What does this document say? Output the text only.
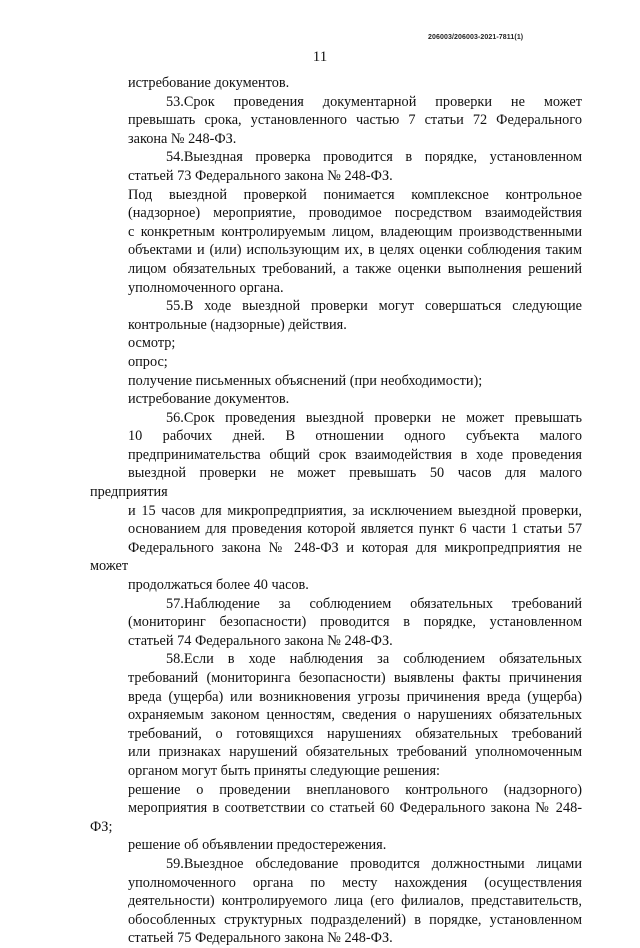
206003/206003-2021-7811(1)
11
истребование документов.
53.Срок проведения документарной проверки не может
превышать срока, установленного частью 7 статьи 72 Федерального
закона № 248-ФЗ.
54.Выездная проверка проводится в порядке, установленном
статьей 73 Федерального закона № 248-ФЗ.
Под выездной проверкой понимается комплексное контрольное
(надзорное) мероприятие, проводимое посредством взаимодействия
с конкретным контролируемым лицом, владеющим производственными
объектами и (или) использующим их, в целях оценки соблюдения таким
лицом обязательных требований, а также оценки выполнения решений
уполномоченного органа.
55.В ходе выездной проверки могут совершаться следующие
контрольные (надзорные) действия.
осмотр;
опрос;
получение письменных объяснений (при необходимости);
истребование документов.
56.Срок проведения выездной проверки не может превышать
10 рабочих дней. В отношении одного субъекта малого
предпринимательства общий срок взаимодействия в ходе проведения
выездной проверки не может превышать 50 часов для малого предприятия
и 15 часов для микропредприятия, за исключением выездной проверки,
основанием для проведения которой является пункт 6 части 1 статьи 57
Федерального закона № 248-ФЗ и которая для микропредприятия не может
продолжаться более 40 часов.
57.Наблюдение за соблюдением обязательных требований
(мониторинг безопасности) проводится в порядке, установленном
статьей 74 Федерального закона № 248-ФЗ.
58.Если в ходе наблюдения за соблюдением обязательных
требований (мониторинга безопасности) выявлены факты причинения
вреда (ущерба) или возникновения угрозы причинения вреда (ущерба)
охраняемым законом ценностям, сведения о нарушениях обязательных
требований, о готовящихся нарушениях обязательных требований
или признаках нарушений обязательных требований уполномоченным
органом могут быть приняты следующие решения:
решение о проведении внепланового контрольного (надзорного)
мероприятия в соответствии со статьей 60 Федерального закона № 248-ФЗ;
решение об объявлении предостережения.
59.Выездное обследование проводится должностными лицами
уполномоченного органа по месту нахождения (осуществления
деятельности) контролируемого лица (его филиалов, представительств,
обособленных структурных подразделений) в порядке, установленном
статьей 75 Федерального закона № 248-ФЗ.
